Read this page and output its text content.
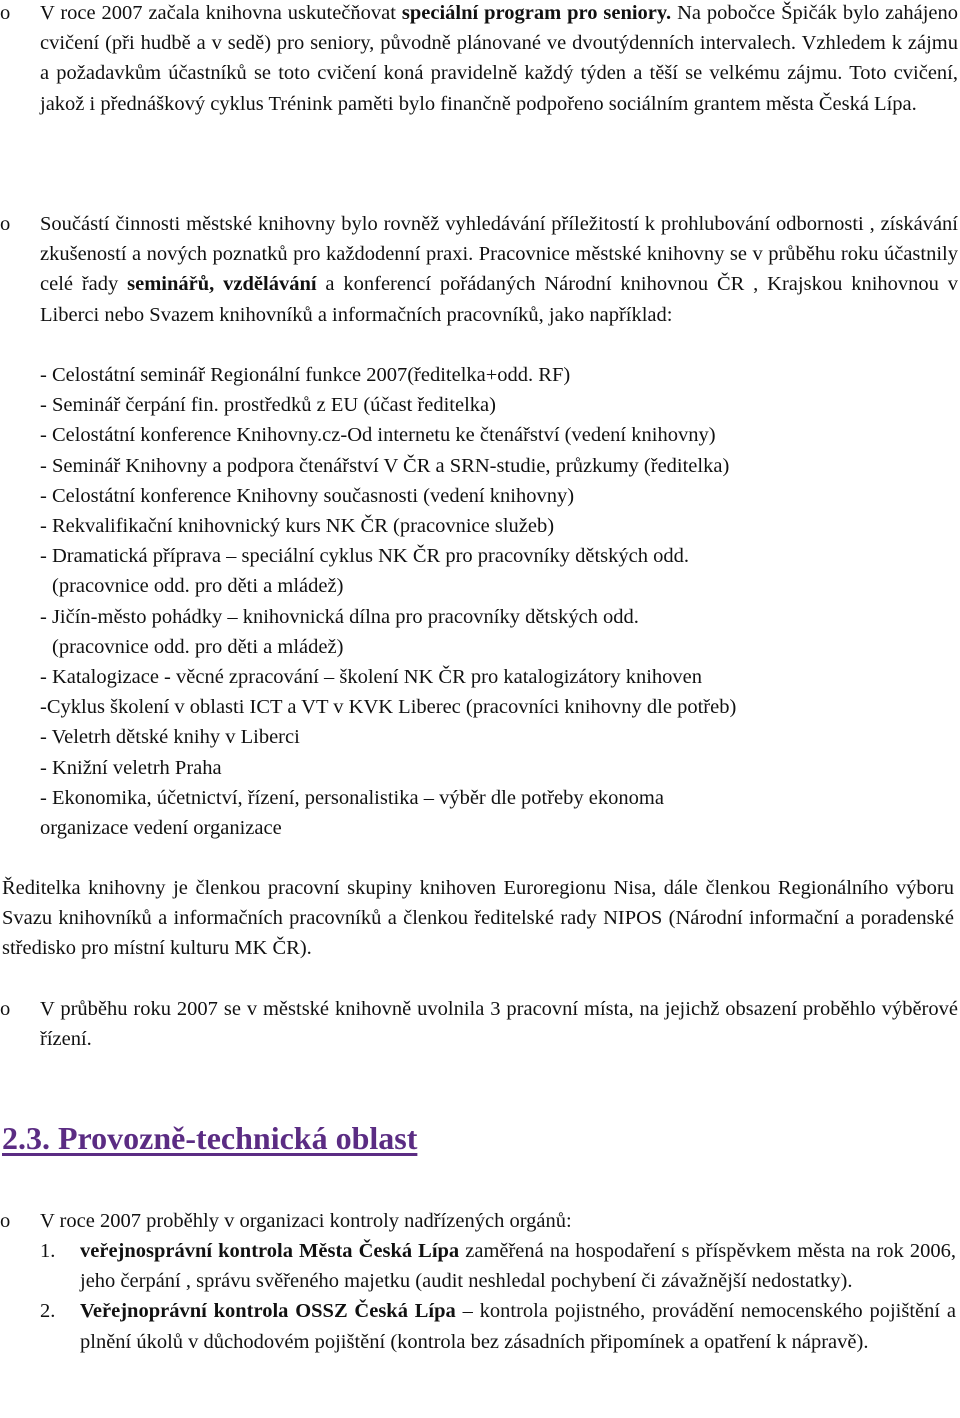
o V roce 2007 začala knihovna uskutečňovat speciální program pro seniory. Na pobočce Špičák bylo zahájeno cvičení (při hudbě a v sedě) pro seniory, původně plánované ve dvoutýdenních intervalech. Vzhledem k zájmu a požadavkům účastníků se toto cvičení koná pravidelně každý týden a těší se velkému zájmu. Toto cvičení, jakož i přednáškový cyklus Trénink paměti bylo finančně podpořeno sociálním grantem města Česká Lípa.

o Součástí činnosti městské knihovny bylo rovněž vyhledávání příležitostí k prohlubování odbornosti , získávání zkušeností a nových poznatků pro každodenní praxi. Pracovnice městské knihovny se v průběhu roku účastnily celé řady seminářů, vzdělávání a konferencí pořádaných Národní knihovnou ČR , Krajskou knihovnou v Liberci nebo Svazem knihovníků a informačních pracovníků, jako například:

- Celostátní seminář Regionální funkce 2007(ředitelka+odd. RF)
- Seminář čerpání fin. prostředků z EU (účast ředitelka)
- Celostátní konference Knihovny.cz-Od internetu ke čtenářství (vedení knihovny)
- Seminář Knihovny a podpora čtenářství V ČR a SRN-studie, průzkumy (ředitelka)
- Celostátní konference Knihovny současnosti (vedení knihovny)
- Rekvalifikační knihovnický kurs NK ČR (pracovnice služeb)
- Dramatická příprava – speciální cyklus NK ČR pro pracovníky dětských odd.
(pracovnice odd. pro děti a mládež)
- Jičín-město pohádky – knihovnická dílna pro pracovníky dětských odd.
(pracovnice odd. pro děti a mládež)
- Katalogizace - věcné zpracování – školení NK ČR pro katalogizátory knihoven
-Cyklus školení v oblasti ICT a VT v KVK Liberec (pracovníci knihovny dle potřeb)
- Veletrh dětské knihy v Liberci
- Knižní veletrh Praha
- Ekonomika, účetnictví, řízení, personalistika – výběr dle potřeby ekonoma
organizace vedení organizace

Ředitelka knihovny je členkou pracovní skupiny knihoven Euroregionu Nisa, dále členkou Regionálního výboru Svazu knihovníků a informačních pracovníků a členkou ředitelské rady NIPOS (Národní informační a poradenské středisko pro místní kulturu MK ČR).

o V průběhu roku 2007 se v městské knihovně uvolnila 3 pracovní místa, na jejichž obsazení proběhlo výběrové řízení.

2.3. Provozně-technická oblast
o V roce 2007 proběhly v organizaci kontroly nadřízených orgánů:

1. veřejnosprávní kontrola Města Česká Lípa zaměřená na hospodaření s příspěvkem města na rok 2006, jeho čerpání , správu svěřeného majetku (audit neshledal pochybení či závažnější nedostatky).

2. Veřejnoprávní kontrola OSSZ Česká Lípa – kontrola pojistného, provádění nemocenského pojištění a plnění úkolů v důchodovém pojištění (kontrola bez zásadních připomínek a opatření k nápravě).
